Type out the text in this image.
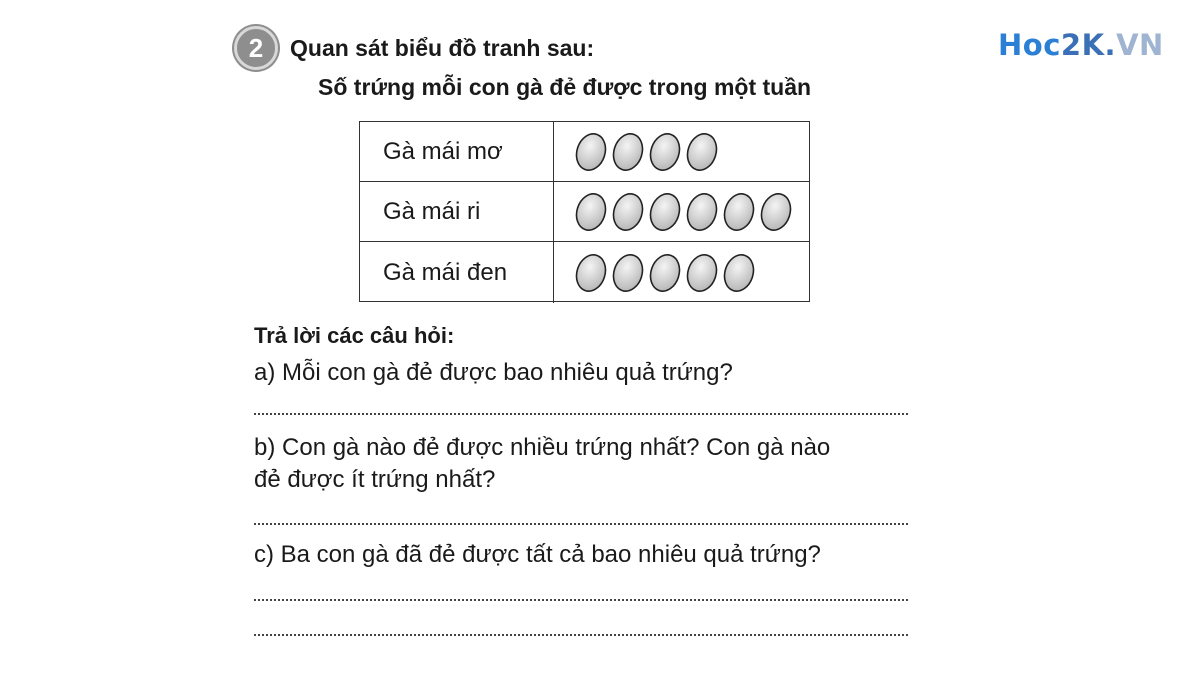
Hoc2K.VN
2	Quan sát biểu đồ tranh sau:
Số trứng mỗi con gà đẻ được trong một tuần
Gà mái mơ
Gà mái ri
Gà mái đen
Trả lời các câu hỏi:
a) Mỗi con gà đẻ được bao nhiêu quả trứng?
b) Con gà nào đẻ được nhiều trứng nhất? Con gà nào
đẻ được ít trứng nhất?
c) Ba con gà đã đẻ được tất cả bao nhiêu quả trứng?
